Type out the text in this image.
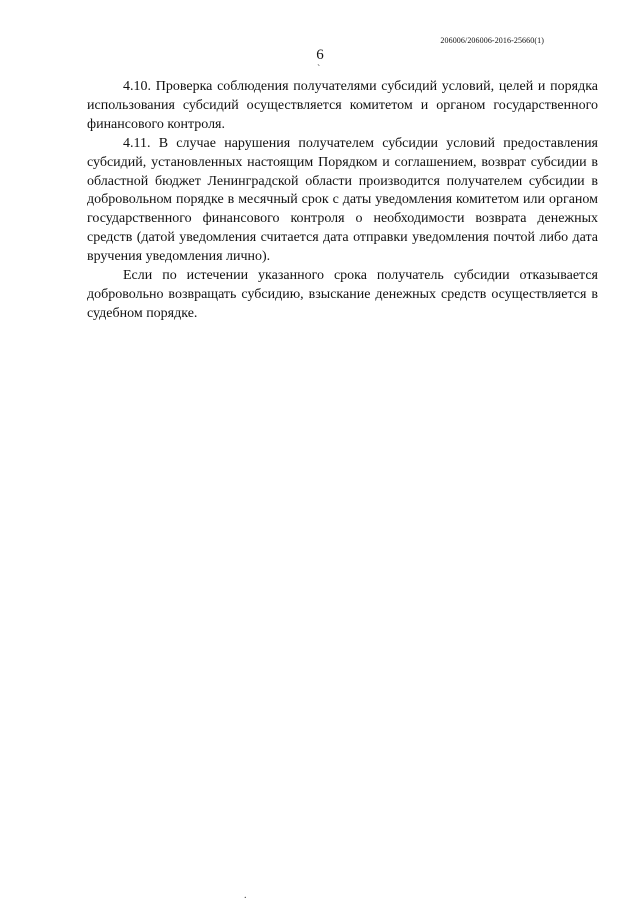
206006/206006-2016-25660(1)
6
`

4.10. Проверка соблюдения получателями субсидий условий, целей и порядка использования субсидий осуществляется комитетом и органом государственного финансового контроля.

4.11. В случае нарушения получателем субсидии условий предоставления субсидий, установленных настоящим Порядком и соглашением, возврат субсидии в областной бюджет Ленинградской области производится получателем субсидии в добровольном порядке в месячный срок с даты уведомления комитетом или органом государственного финансового контроля о необходимости возврата денежных средств (датой уведомления считается дата отправки уведомления почтой либо дата вручения уведомления лично).

Если по истечении указанного срока получатель субсидии отказывается добровольно возвращать субсидию, взыскание денежных средств осуществляется в судебном порядке.

.
